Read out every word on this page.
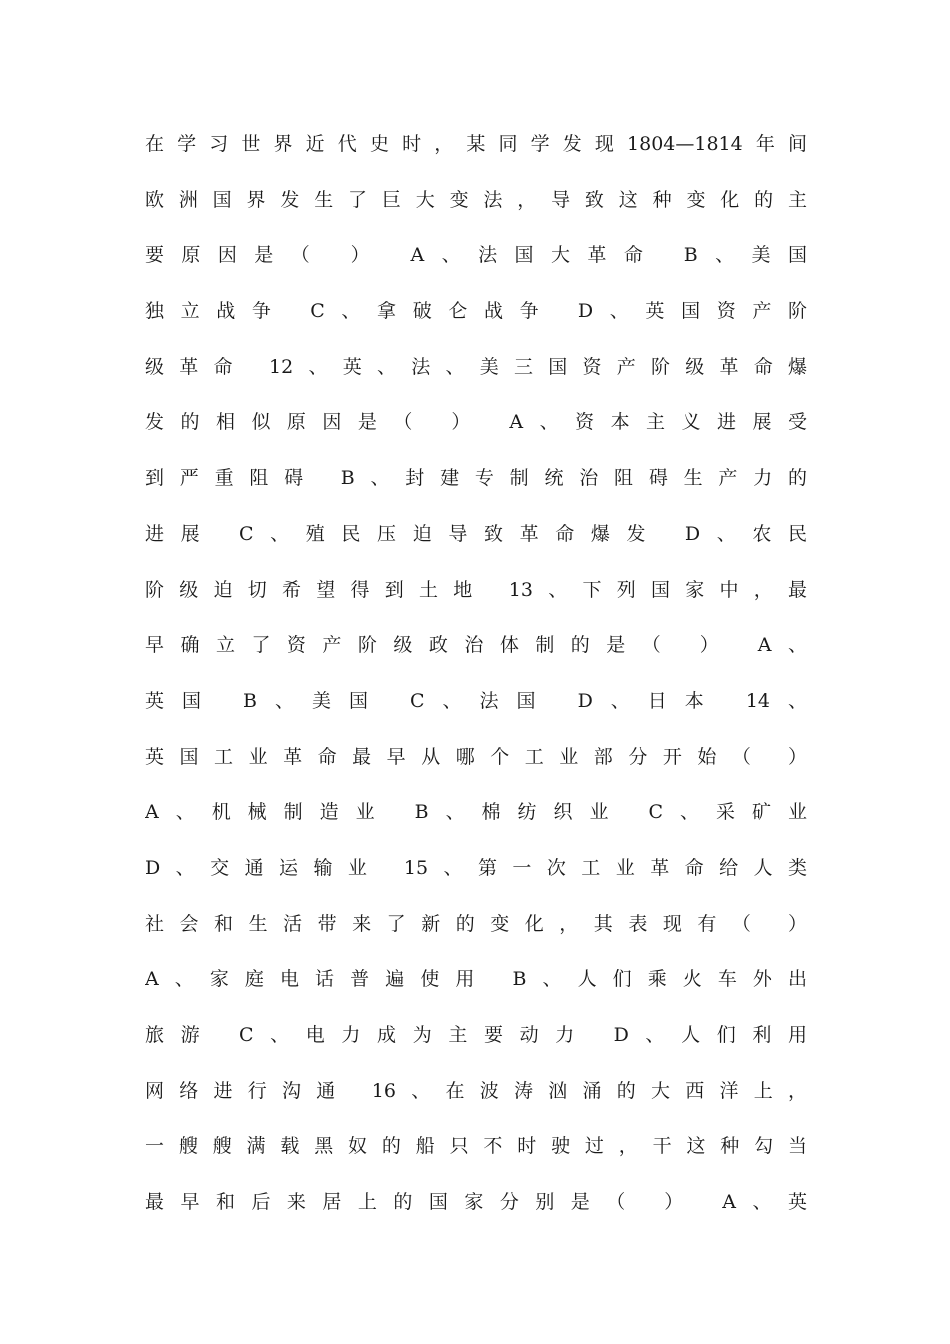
在学习世界近代史时，某同学发现1804—1814年间
欧洲国界发生了巨大变法，导致这种变化的主
要原因是（ ） A、法国大革命 B、美国
独立战争 C、拿破仑战争 D、英国资产阶
级革命 12、英、法、美三国资产阶级革命爆
发的相似原因是（ ） A、资本主义进展受
到严重阻碍 B、封建专制统治阻碍生产力的
进展 C、殖民压迫导致革命爆发 D、农民
阶级迫切希望得到土地 13、下列国家中，最
早确立了资产阶级政治体制的是（ ） A、
英国 B、美国 C、法国 D、日本 14、
英国工业革命最早从哪个工业部分开始（ ）
A、机械制造业 B、棉纺织业 C、采矿业
D、交通运输业 15、第一次工业革命给人类
社会和生活带来了新的变化，其表现有（ ）
A、家庭电话普遍使用 B、人们乘火车外出
旅游 C、电力成为主要动力 D、人们利用
网络进行沟通 16、在波涛汹涌的大西洋上，
一艘艘满载黑奴的船只不时驶过，干这种勾当
最早和后来居上的国家分别是（ ） A、英
